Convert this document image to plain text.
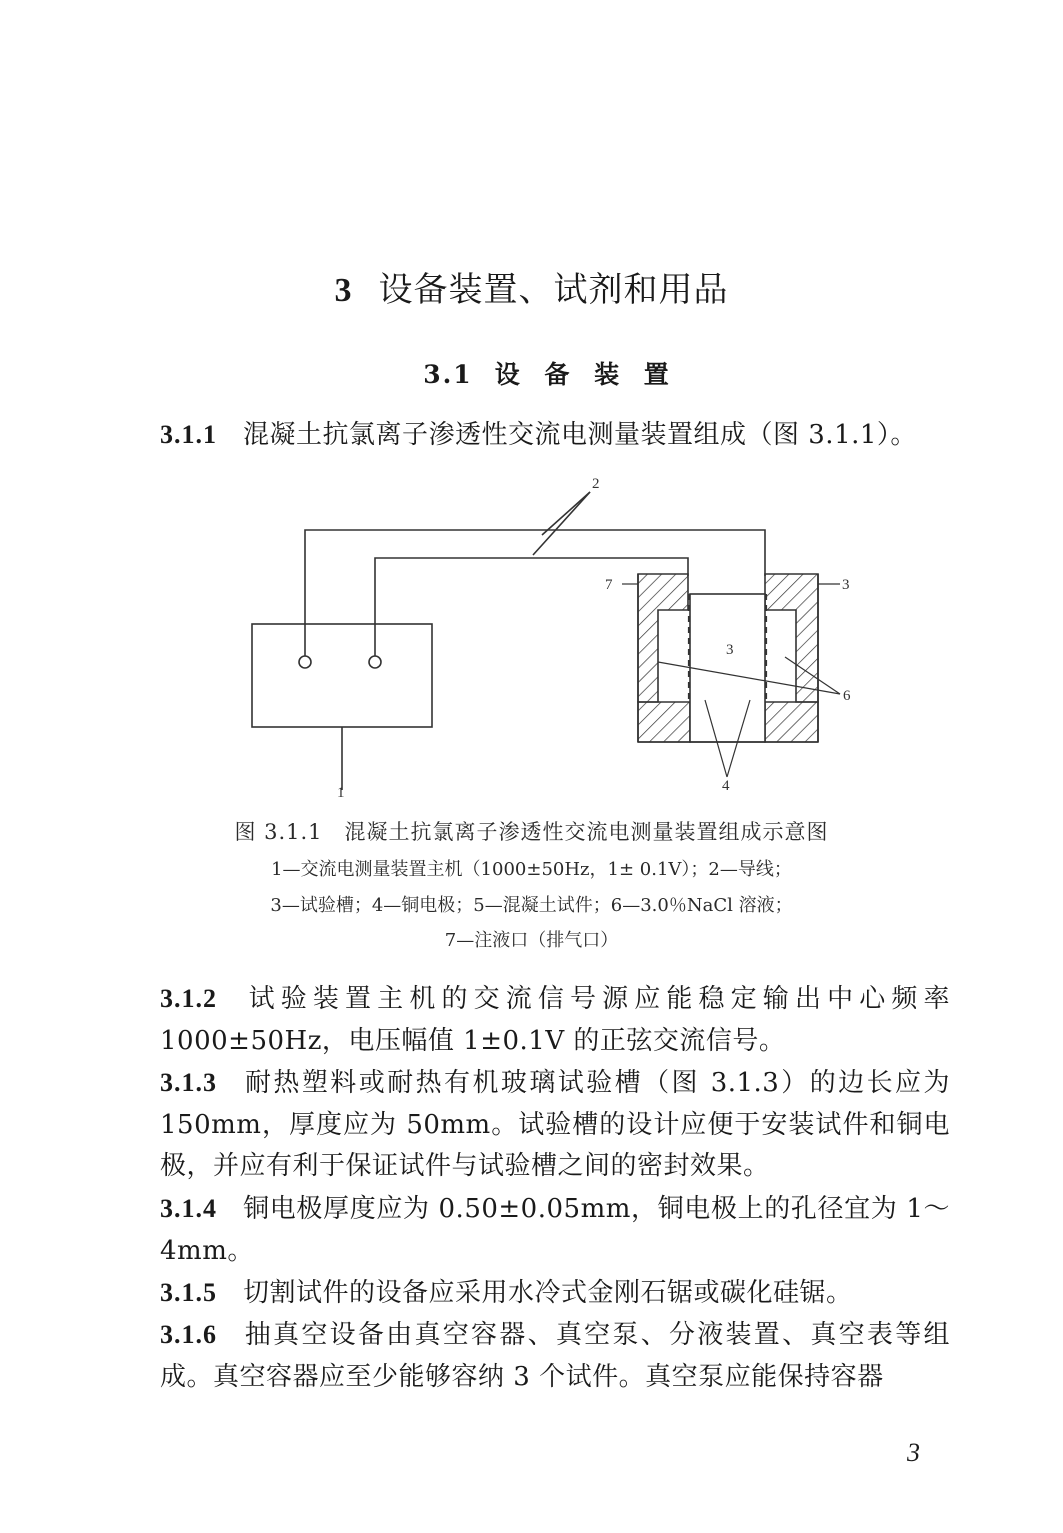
3 设备装置、试剂和用品
3.1 设 备 装 置
3.1.1 混凝土抗氯离子渗透性交流电测量装置组成（图 3.1.1）。
2
1
7	3
3
6
4
图 3.1.1　混凝土抗氯离子渗透性交流电测量装置组成示意图
1—交流电测量装置主机（1000±50Hz，1± 0.1V）；2—导线；
3—试验槽；4—铜电极；5—混凝土试件；6—3.0％NaCl 溶液；
7—注液口（排气口）
3.1.2 试验装置主机的交流信号源应能稳定输出中心频率 1000±50Hz，电压幅值 1±0.1V 的正弦交流信号。
3.1.3 耐热塑料或耐热有机玻璃试验槽（图 3.1.3）的边长应为 150mm，厚度应为 50mm。试验槽的设计应便于安装试件和铜电极，并应有利于保证试件与试验槽之间的密封效果。
3.1.4 铜电极厚度应为 0.50±0.05mm，铜电极上的孔径宜为 1～4mm。
3.1.5 切割试件的设备应采用水冷式金刚石锯或碳化硅锯。
3.1.6 抽真空设备由真空容器、真空泵、分液装置、真空表等组成。真空容器应至少能够容纳 3 个试件。真空泵应能保持容器
3
